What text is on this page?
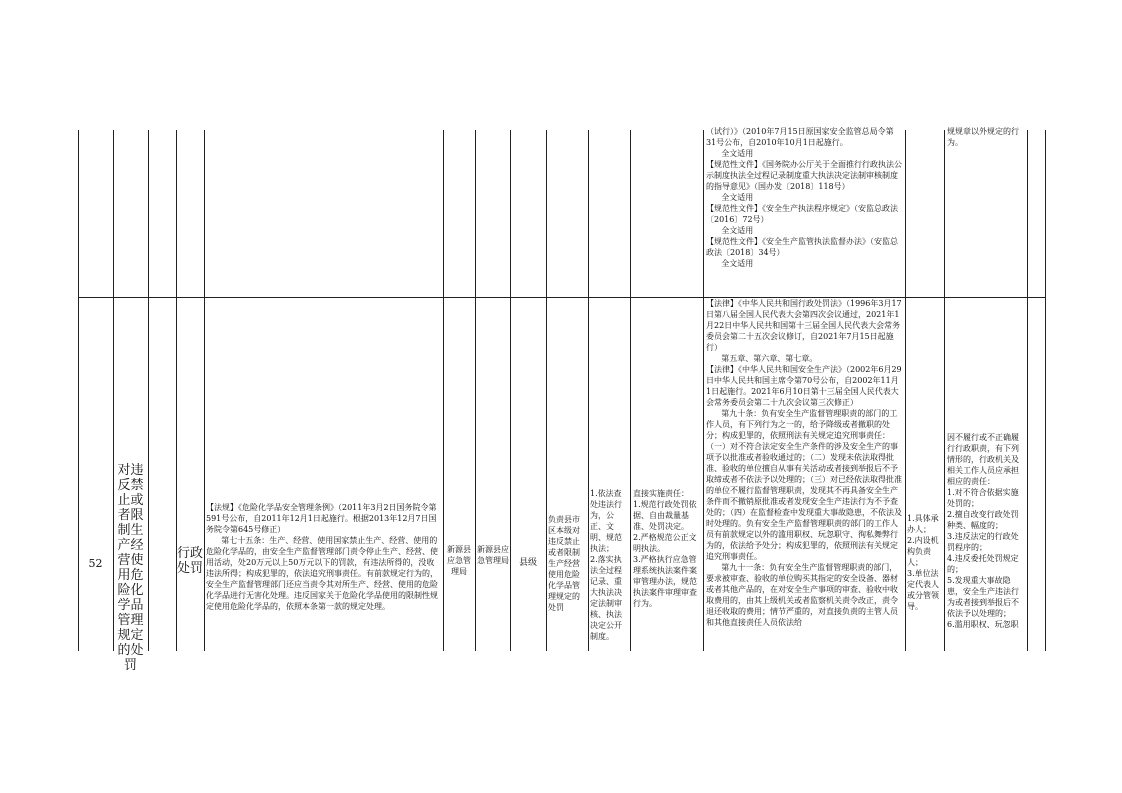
（试行）》（2010年7月15日原国家安全监管总局令第31号公布，自2010年10月1日起施行。
全文适用
【规范性文件】《国务院办公厅关于全面推行行政执法公示制度执法全过程记录制度重大执法决定法制审核制度的指导意见》（国办发〔2018〕118号）
全文适用
【规范性文件】《安全生产执法程序规定》（安监总政法〔2016〕72号）
全文适用
【规范性文件】《安全生产监管执法监督办法》（安监总政法〔2018〕34号）
全文适用
规规章以外规定的行为。
52
对违反禁止或者限制生产经营使用危险化学品管理规定的处罚
行政处罚
【法规】《危险化学品安全管理条例》（2011年3月2日国务院令第591号公布，自2011年12月1日起施行。根据2013年12月7日国务院令第645号修正）
第七十五条：生产、经营、使用国家禁止生产、经营、使用的危险化学品的，由安全生产监督管理部门责令停止生产、经营、使用活动，处20万元以上50万元以下的罚款，有违法所得的，没收违法所得；构成犯罪的，依法追究刑事责任。有前款规定行为的，安全生产监督管理部门还应当责令其对所生产、经营、使用的危险化学品进行无害化处理。违反国家关于危险化学品使用的限制性规定使用危险化学品的，依照本条第一款的规定处理。
新源县应急管理局
新源县应急管理局	县级
负责县市区本级对违反禁止或者限制生产经营使用危险化学品管理规定的处罚
1.依法查处违法行为，公正、文明、规范执法；
2.落实执法全过程记录、重大执法决定法制审核、执法决定公开制度。
直接实施责任：
1.规范行政处罚依据、自由裁量基准、处罚决定。
2.严格规范公正文明执法。
3.严格执行应急管理系统执法案件案审管理办法，规范执法案件审理审查行为。
【法律】《中华人民共和国行政处罚法》（1996年3月17日第八届全国人民代表大会第四次会议通过，2021年1月22日中华人民共和国第十三届全国人民代表大会常务委员会第二十五次会议修订，自2021年7月15日起施行）
第五章、第六章、第七章。
【法律】《中华人民共和国安全生产法》（2002年6月29日中华人民共和国主席令第70号公布，自2002年11月1日起施行。2021年6月10日第十三届全国人民代表大会常务委员会第二十九次会议第三次修正）
第九十条：负有安全生产监督管理职责的部门的工作人员，有下列行为之一的，给予降级或者撤职的处分；构成犯罪的，依照刑法有关规定追究刑事责任：（一）对不符合法定安全生产条件的涉及安全生产的事项予以批准或者验收通过的；（二）发现未依法取得批准、验收的单位擅自从事有关活动或者接到举报后不予取缔或者不依法予以处理的；（三）对已经依法取得批准的单位不履行监督管理职责，发现其不再具备安全生产条件而不撤销原批准或者发现安全生产违法行为不予查处的；（四）在监督检查中发现重大事故隐患，不依法及时处理的。负有安全生产监督管理职责的部门的工作人员有前款规定以外的滥用职权、玩忽职守、徇私舞弊行为的，依法给予处分；构成犯罪的，依照刑法有关规定追究刑事责任。
第九十一条：负有安全生产监督管理职责的部门，要求被审查、验收的单位购买其指定的安全设备、器材或者其他产品的，在对安全生产事项的审查、验收中收取费用的，由其上级机关或者监察机关责令改正，责令退还收取的费用；情节严重的，对直接负责的主管人员和其他直接责任人员依法给
1.具体承办人；
2.内设机构负责人；
3.单位法定代表人或分管领导。
因不履行或不正确履行行政职责，有下列情形的，行政机关及相关工作人员应承担相应的责任：
1.对不符合依据实施处罚的；
2.擅自改变行政处罚种类、幅度的；
3.违反法定的行政处罚程序的；
4.违反委托处罚规定的；
5.发现重大事故隐患，安全生产违法行为或者接到举报后不依法予以处理的；
6.滥用职权、玩忽职
